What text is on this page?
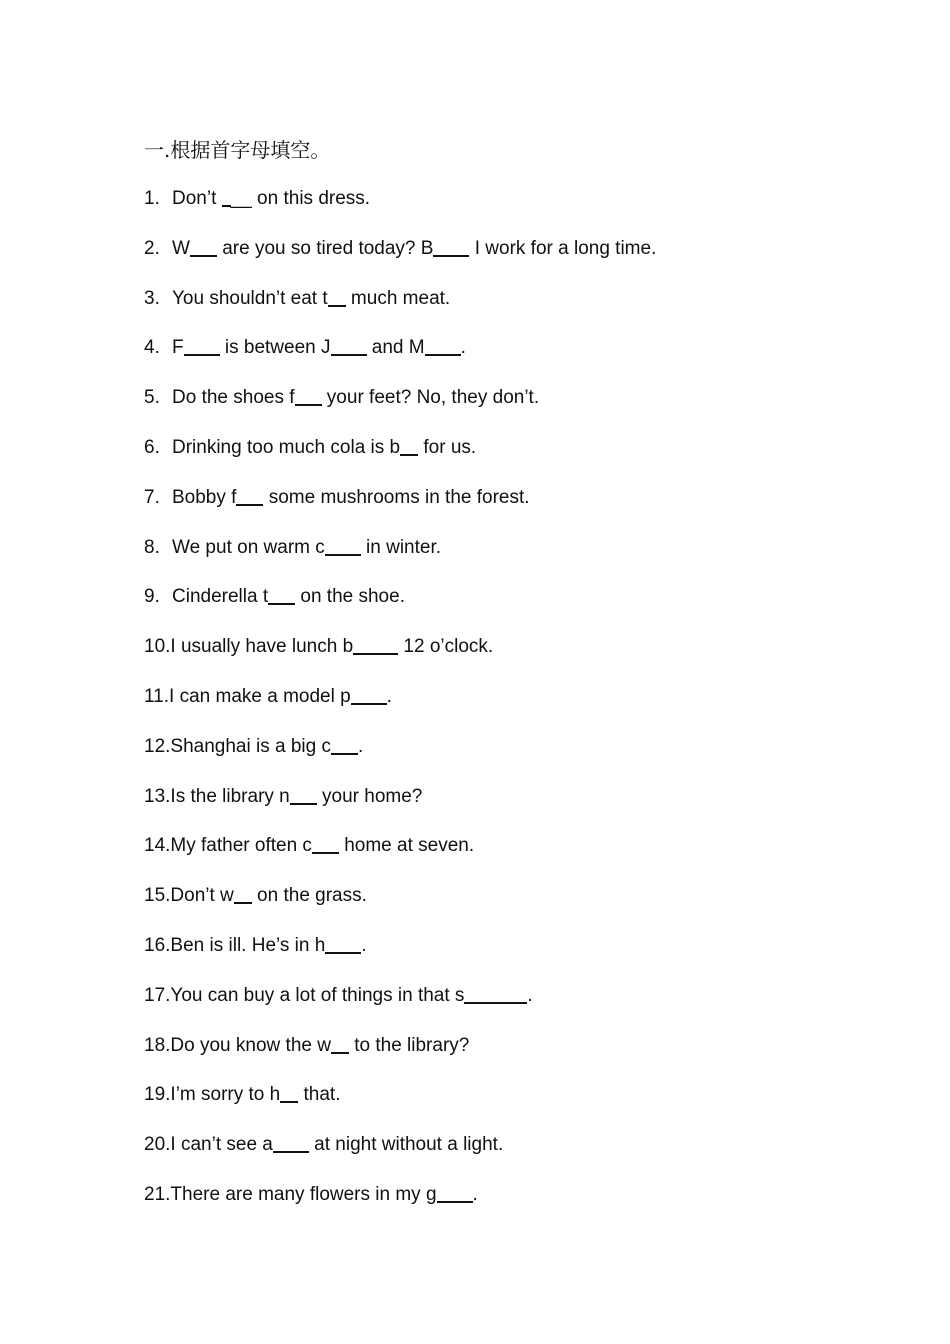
一.根据首字母填空。
1. Don’t __ on this dress.
2. W are you so tired today? B I work for a long time.
3. You shouldn’t eat t much meat.
4. F is between J and M .
5. Do the shoes f your feet? No, they don’t.
6. Drinking too much cola is b for us.
7. Bobby f some mushrooms in the forest.
8. We put on warm c in winter.
9. Cinderella t on the shoe.
10.I usually have lunch b 12 o’clock.
11.I can make a model p .
12.Shanghai is a big c .
13.Is the library n your home?
14.My father often c home at seven.
15.Don’t w on the grass.
16.Ben is ill. He’s in h .
17.You can buy a lot of things in that s	.
18.Do you know the w to the library?
19.I’m sorry to h that.
20.I can’t see a at night without a light.
21.There are many flowers in my g .
